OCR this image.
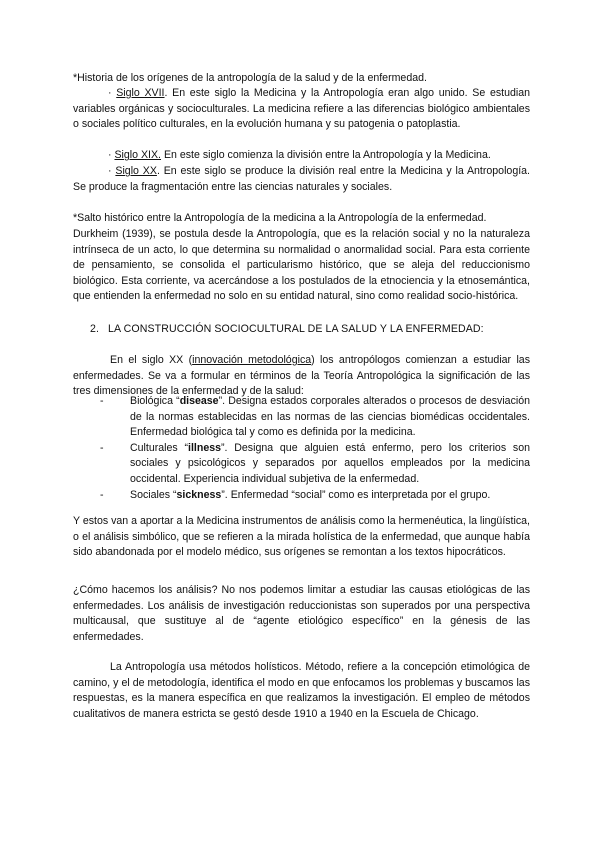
*Historia de los orígenes de la antropología de la salud y de la enfermedad.

· Siglo XVII. En este siglo la Medicina y la Antropología eran algo unido. Se estudian variables orgánicas y socioculturales. La medicina refiere a las diferencias biológico ambientales o sociales político culturales, en la evolución humana y su patogenia o patoplastia.

· Siglo XIX. En este siglo comienza la división entre la Antropología y la Medicina.

· Siglo XX. En este siglo se produce la división real entre la Medicina y la Antropología. Se produce la fragmentación entre las ciencias naturales y sociales.

*Salto histórico entre la Antropología de la medicina a la Antropología de la enfermedad.

Durkheim (1939), se postula desde la Antropología, que es la relación social y no la naturaleza intrínseca de un acto, lo que determina su normalidad o anormalidad social. Para esta corriente de pensamiento, se consolida el particularismo histórico, que se aleja del reduccionismo biológico. Esta corriente, va acercándose a los postulados de la etnociencia y la etnosemántica, que entienden la enfermedad no solo en su entidad natural, sino como realidad socio-histórica.

2. LA CONSTRUCCIÓN SOCIOCULTURAL DE LA SALUD Y LA ENFERMEDAD:

En el siglo XX (innovación metodológica) los antropólogos comienzan a estudiar las enfermedades. Se va a formular en términos de la Teoría Antropológica la significación de las tres dimensiones de la enfermedad y de la salud:

- Biológica “disease”. Designa estados corporales alterados o procesos de desviación de la normas establecidas en las normas de las ciencias biomédicas occidentales. Enfermedad biológica tal y como es definida por la medicina.
- Culturales “illness”. Designa que alguien está enfermo, pero los criterios son sociales y psicológicos y separados por aquellos empleados por la medicina occidental. Experiencia individual subjetiva de la enfermedad.
- Sociales “sickness”. Enfermedad “social” como es interpretada por el grupo.

Y estos van a aportar a la Medicina instrumentos de análisis como la hermenéutica, la lingüística, o el análisis simbólico, que se refieren a la mirada holística de la enfermedad, que aunque había sido abandonada por el modelo médico, sus orígenes se remontan a los textos hipocráticos.

¿Cómo hacemos los análisis? No nos podemos limitar a estudiar las causas etiológicas de las enfermedades. Los análisis de investigación reduccionistas son superados por una perspectiva multicausal, que sustituye al de “agente etiológico específico” en la génesis de las enfermedades.

La Antropología usa métodos holísticos. Método, refiere a la concepción etimológica de camino, y el de metodología, identifica el modo en que enfocamos los problemas y buscamos las respuestas, es la manera específica en que realizamos la investigación. El empleo de métodos cualitativos de manera estricta se gestó desde 1910 a 1940 en la Escuela de Chicago.
